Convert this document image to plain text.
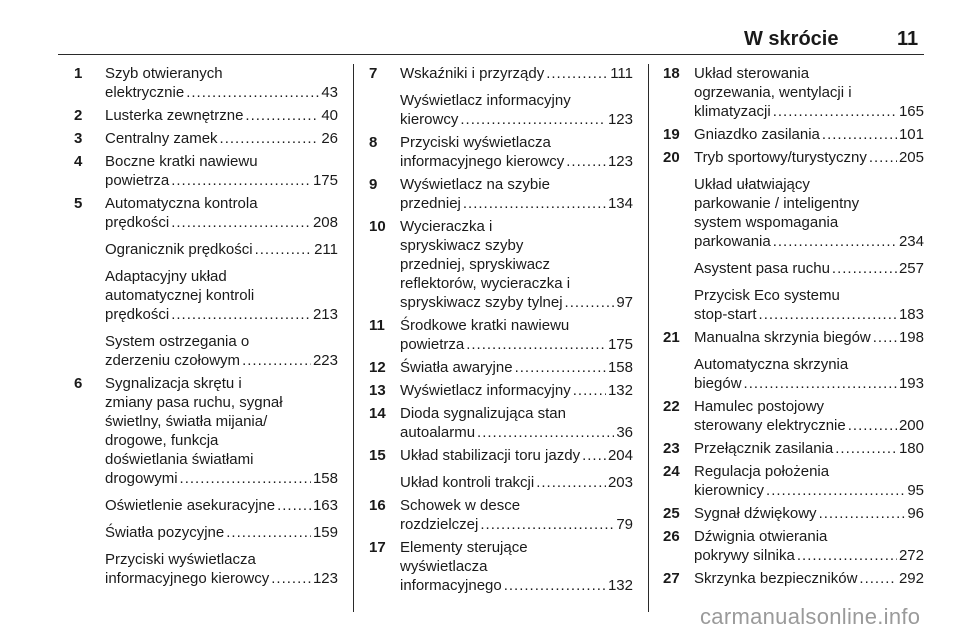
W skrócie	11
1 Szyb otwieranych
elektrycznie .....	43
2 Lusterka zewnętrzne .....	40
3 Centralny zamek .....	26
4 Boczne kratki nawiewu
powietrza .....	175
5 Automatyczna kontrola
prędkości .....	208
Ogranicznik prędkości .....	211
Adaptacyjny układ
automatycznej kontroli
prędkości .....	213
System ostrzegania o
zderzeniu czołowym .....	223
6 Sygnalizacja skrętu i
zmiany pasa ruchu, sygnał
świetlny, światła mijania/
drogowe, funkcja
doświetlania światłami
drogowymi .....	158
Oświetlenie asekuracyjne .....	163
Światła pozycyjne .....	159
Przyciski wyświetlacza
informacyjnego kierowcy .....	123
7 Wskaźniki i przyrządy .....	111
Wyświetlacz informacyjny
kierowcy .....	123
8 Przyciski wyświetlacza
informacyjnego kierowcy .....	123
9 Wyświetlacz na szybie
przedniej .....	134
10 Wycieraczka i
spryskiwacz szyby
przedniej, spryskiwacz
reflektorów, wycieraczka i
spryskiwacz szyby tylnej .....	97
11 Środkowe kratki nawiewu
powietrza .....	175
12 Światła awaryjne .....	158
13 Wyświetlacz informacyjny ..... 132
14 Dioda sygnalizująca stan
autoalarmu .....	36
15 Układ stabilizacji toru jazdy ..... 204
Układ kontroli trakcji .....	203
16 Schowek w desce
rozdzielczej .....	79
17 Elementy sterujące
wyświetlacza
informacyjnego .....	132
18 Układ sterowania
ogrzewania, wentylacji i
klimatyzacji .....	165
19 Gniazdko zasilania .....	101
20 Tryb sportowy/turystyczny ..... 205
Układ ułatwiający
parkowanie / inteligentny
system wspomagania
parkowania .....	234
Asystent pasa ruchu .....	257
Przycisk Eco systemu
stop-start .....	183
21 Manualna skrzynia biegów ..... 198
Automatyczna skrzynia
biegów .....	193
22 Hamulec postojowy
sterowany elektrycznie .....	200
23 Przełącznik zasilania .....	180
24 Regulacja położenia
kierownicy .....	95
25 Sygnał dźwiękowy .....	96
26 Dźwignia otwierania
pokrywy silnika .....	272
27 Skrzynka bezpieczników .....	292
carmanualsonline.info
